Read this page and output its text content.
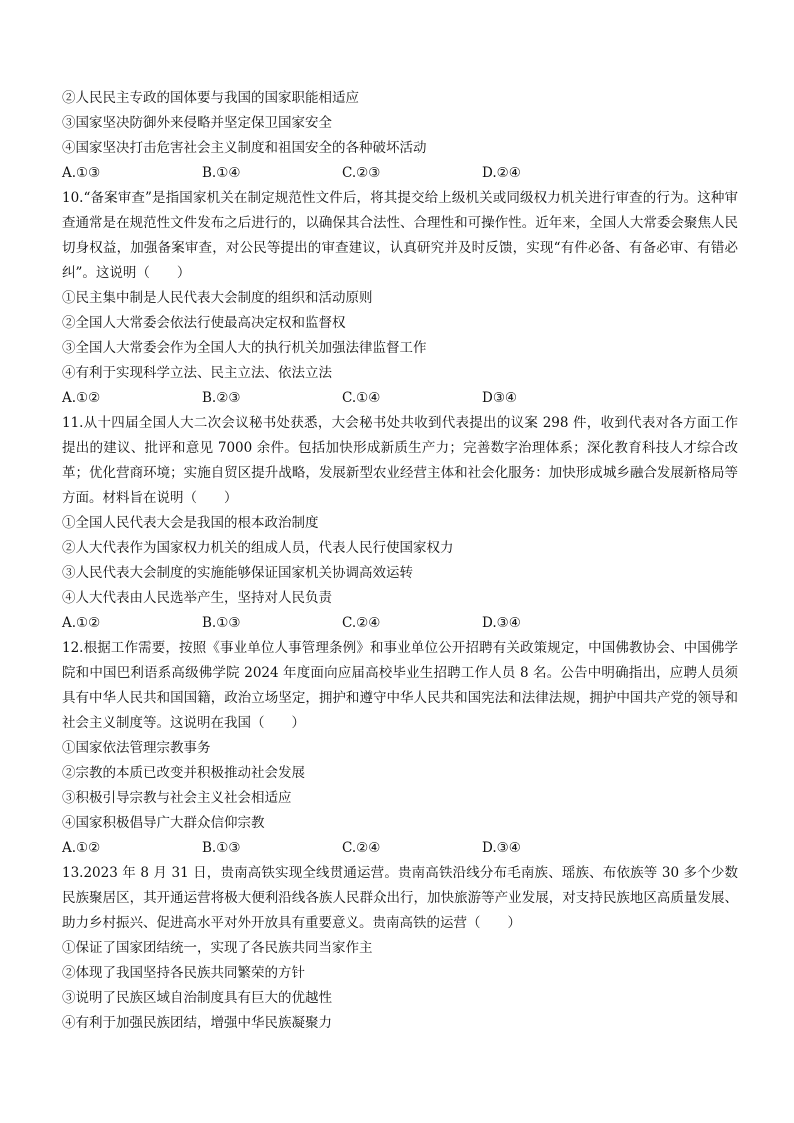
②人民民主专政的国体要与我国的国家职能相适应
③国家坚决防御外来侵略并坚定保卫国家安全
④国家坚决打击危害社会主义制度和祖国安全的各种破坏活动
A.①③	B.①④	C.②③	D.②④
10.“备案审查”是指国家机关在制定规范性文件后，将其提交给上级机关或同级权力机关进行审查的行为。这种审查通常是在规范性文件发布之后进行的，以确保其合法性、合理性和可操作性。近年来，全国人大常委会聚焦人民切身权益，加强备案审查，对公民等提出的审查建议，认真研究并及时反馈，实现“有件必备、有备必审、有错必纠”。这说明（　　）
①民主集中制是人民代表大会制度的组织和活动原则
②全国人大常委会依法行使最高决定权和监督权
③全国人大常委会作为全国人大的执行机关加强法律监督工作
④有利于实现科学立法、民主立法、依法立法
A.①②	B.②③	C.①④	D③④
11.从十四届全国人大二次会议秘书处获悉，大会秘书处共收到代表提出的议案 298 件，收到代表对各方面工作提出的建议、批评和意见 7000 余件。包括加快形成新质生产力；完善数字治理体系；深化教育科技人才综合改革；优化营商环境；实施自贸区提升战略，发展新型农业经营主体和社会化服务：加快形成城乡融合发展新格局等方面。材料旨在说明（　　）
①全国人民代表大会是我国的根本政治制度
②人大代表作为国家权力机关的组成人员，代表人民行使国家权力
③人民代表大会制度的实施能够保证国家机关协调高效运转
④人大代表由人民选举产生，坚持对人民负责
A.①②	B.①③	C.②④	D.③④
12.根据工作需要，按照《事业单位人事管理条例》和事业单位公开招聘有关政策规定，中国佛教协会、中国佛学院和中国巴利语系高级佛学院 2024 年度面向应届高校毕业生招聘工作人员 8 名。公告中明确指出，应聘人员须具有中华人民共和国国籍，政治立场坚定，拥护和遵守中华人民共和国宪法和法律法规，拥护中国共产党的领导和社会主义制度等。这说明在我国（　　）
①国家依法管理宗教事务
②宗教的本质已改变并积极推动社会发展
③积极引导宗教与社会主义社会相适应
④国家积极倡导广大群众信仰宗教
A.①②	B.①③	C.②④	D.③④
13.2023 年 8 月 31 日，贵南高铁实现全线贯通运营。贵南高铁沿线分布毛南族、瑶族、布依族等 30 多个少数民族聚居区，其开通运营将极大便利沿线各族人民群众出行，加快旅游等产业发展，对支持民族地区高质量发展、助力乡村振兴、促进高水平对外开放具有重要意义。贵南高铁的运营（　　）
①保证了国家团结统一，实现了各民族共同当家作主
②体现了我国坚持各民族共同繁荣的方针
③说明了民族区域自治制度具有巨大的优越性
④有利于加强民族团结，增强中华民族凝聚力
